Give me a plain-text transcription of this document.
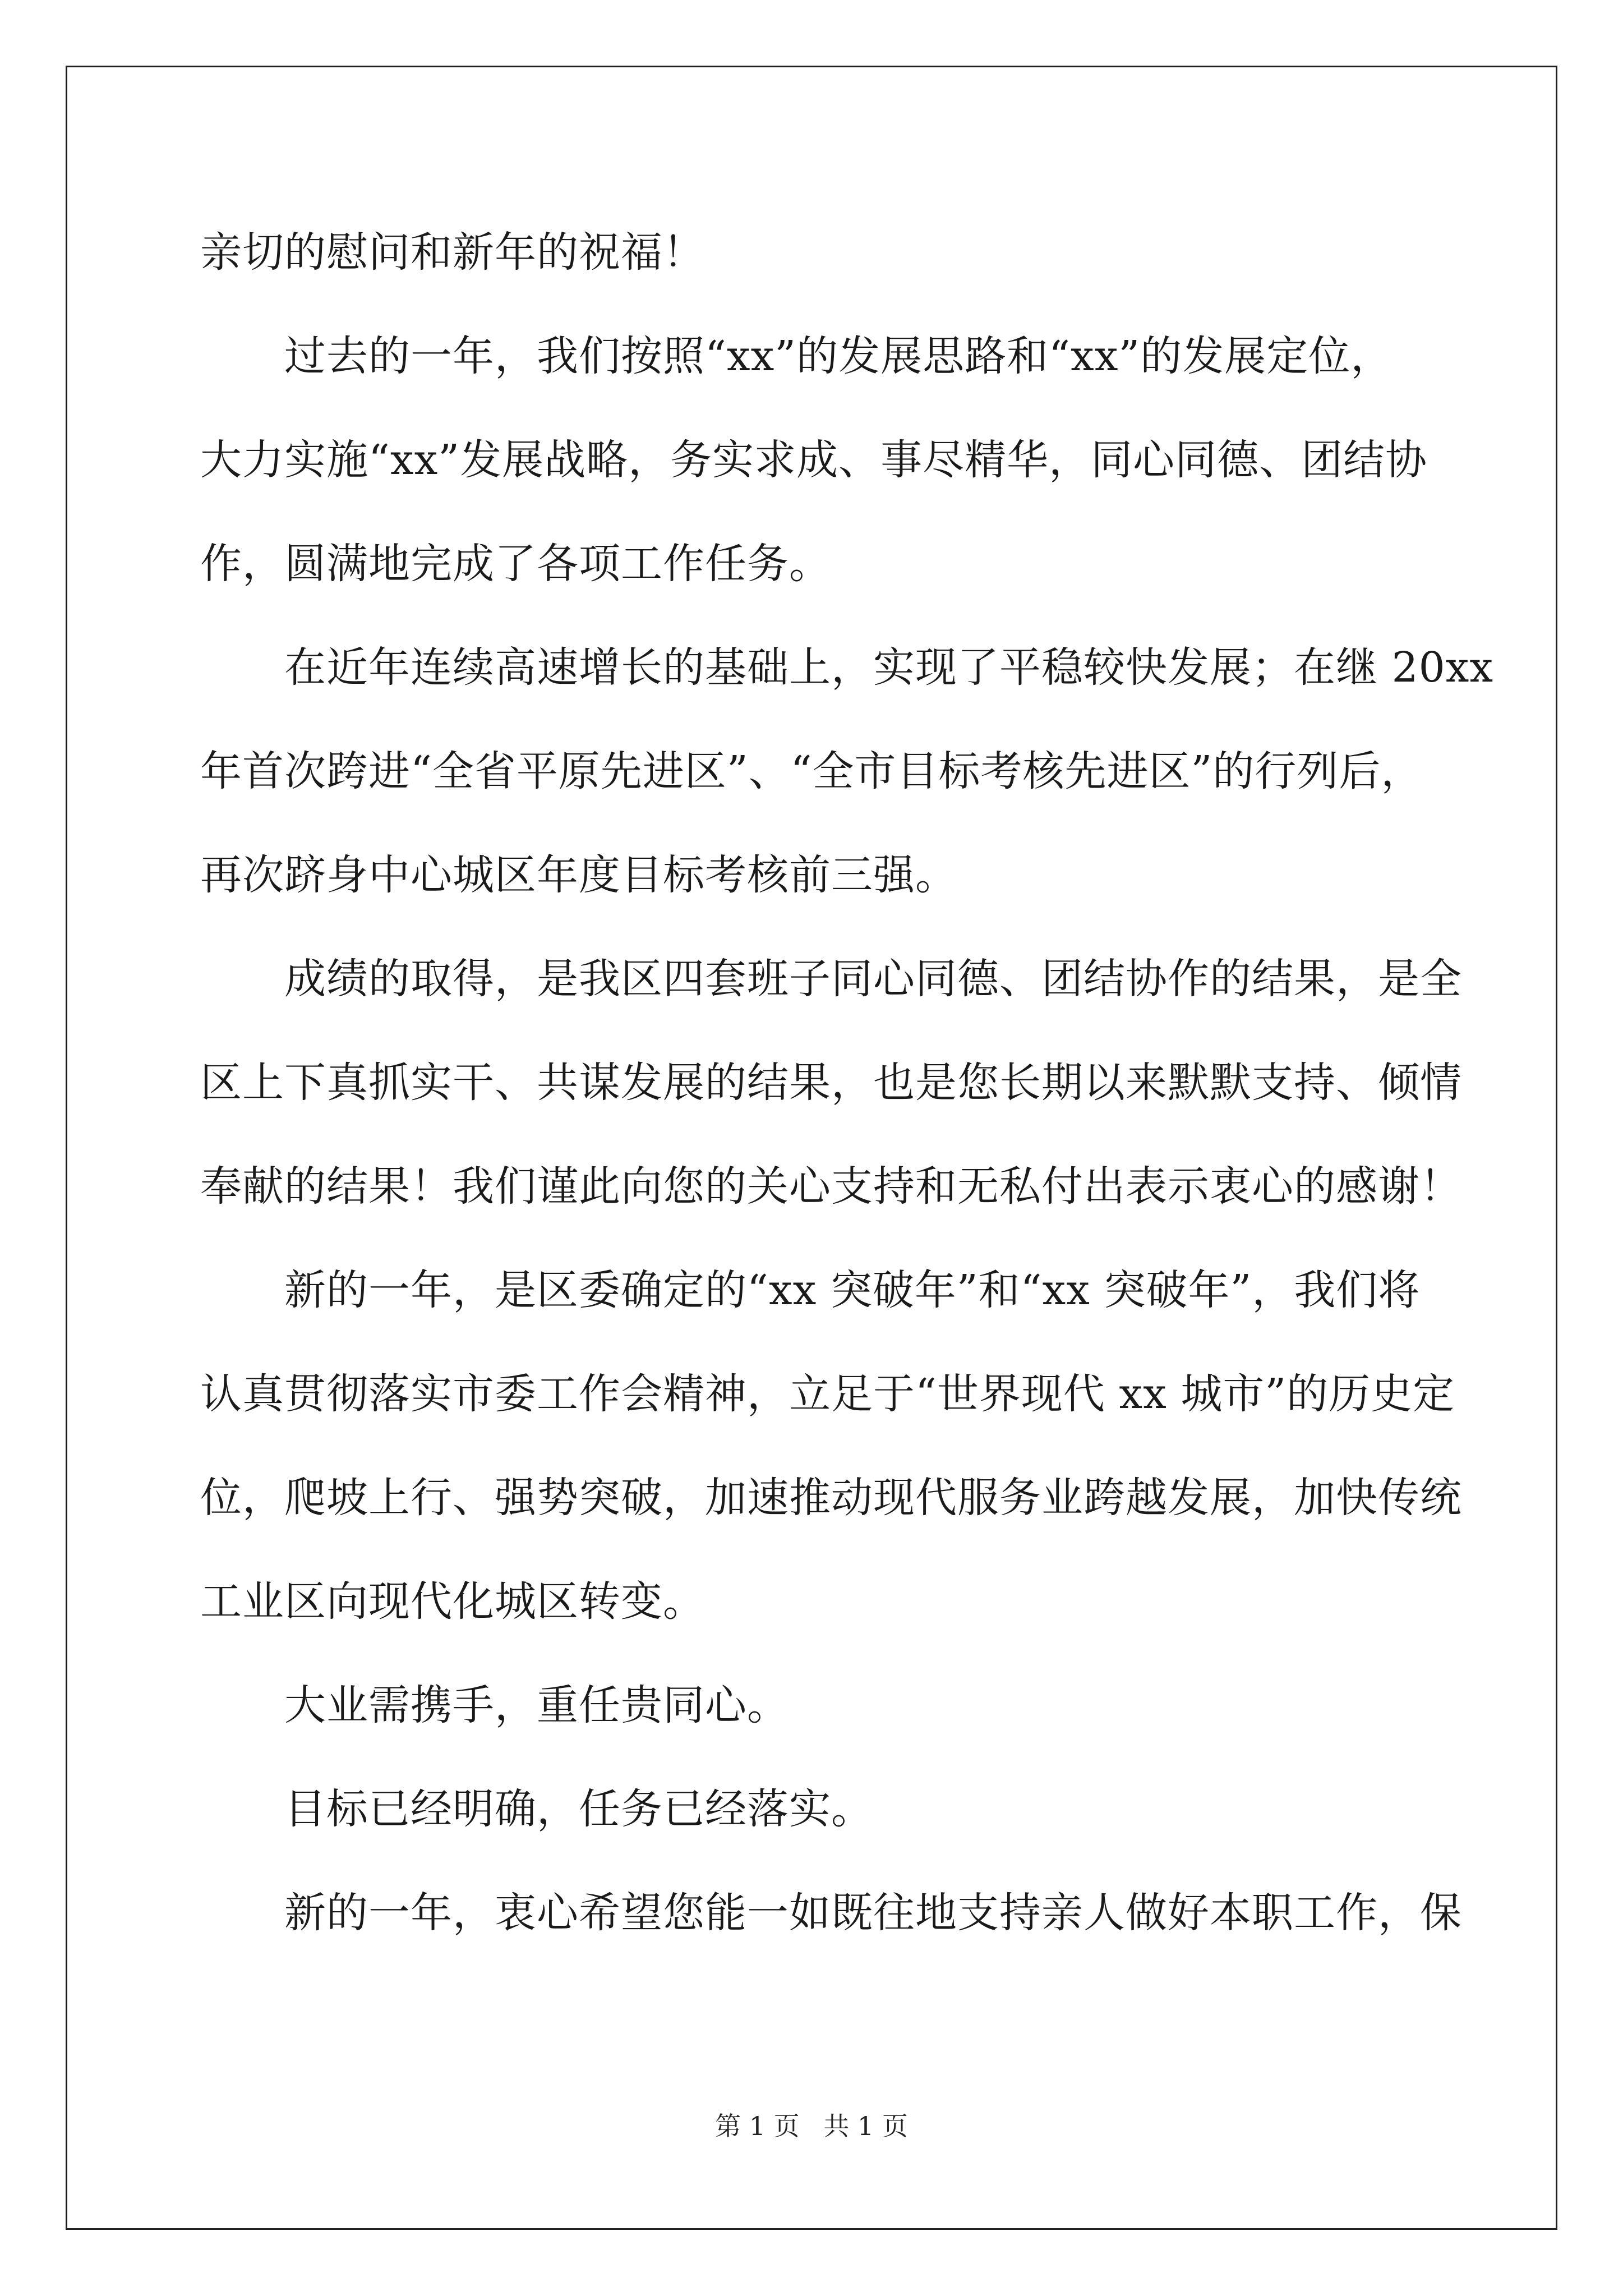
亲切的慰问和新年的祝福！
过去的一年，我们按照“xx”的发展思路和“xx”的发展定位，
大力实施“xx”发展战略，务实求成、事尽精华，同心同德、团结协
作，圆满地完成了各项工作任务。
在近年连续高速增长的基础上，实现了平稳较快发展；在继 20xx
年首次跨进“全省平原先进区”、“全市目标考核先进区”的行列后，
再次跻身中心城区年度目标考核前三强。
成绩的取得，是我区四套班子同心同德、团结协作的结果，是全
区上下真抓实干、共谋发展的结果，也是您长期以来默默支持、倾情
奉献的结果！我们谨此向您的关心支持和无私付出表示衷心的感谢！
新的一年，是区委确定的“xx 突破年”和“xx 突破年”，我们将
认真贯彻落实市委工作会精神，立足于“世界现代 xx 城市”的历史定
位，爬坡上行、强势突破，加速推动现代服务业跨越发展，加快传统
工业区向现代化城区转变。
大业需携手，重任贵同心。
目标已经明确，任务已经落实。
新的一年，衷心希望您能一如既往地支持亲人做好本职工作，保
第 1 页 共 1 页
